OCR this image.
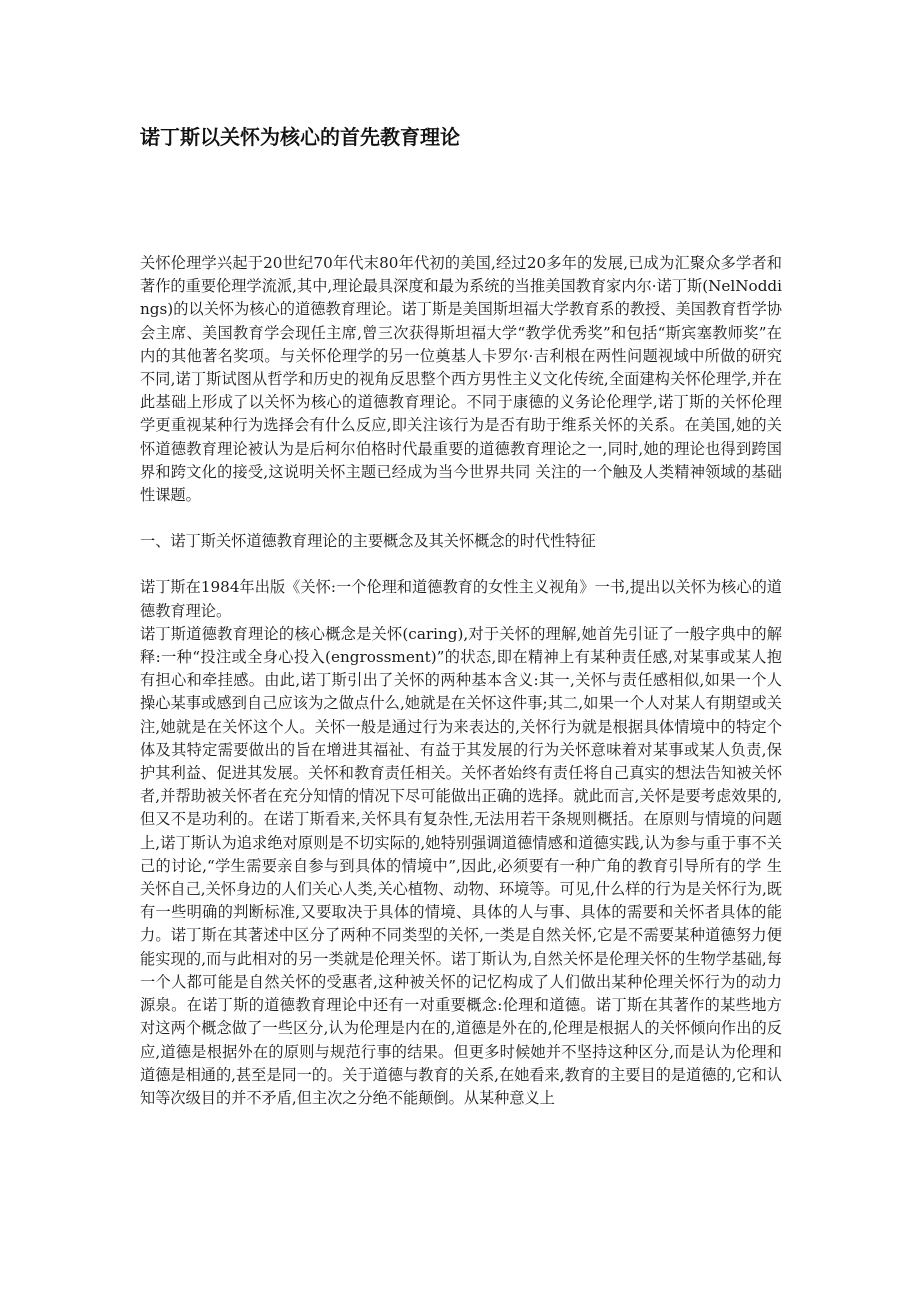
诺丁斯以关怀为核心的首先教育理论

关怀伦理学兴起于20世纪70年代末80年代初的美国,经过20多年的发展,已成为汇聚众多学者和著作的重要伦理学流派,其中,理论最具深度和最为系统的当推美国教育家内尔·诺丁斯(NelNoddings)的以关怀为核心的道德教育理论。诺丁斯是美国斯坦福大学教育系的教授、美国教育哲学协会主席、美国教育学会现任主席,曾三次获得斯坦福大学“教学优秀奖”和包括“斯宾塞教师奖”在内的其他著名奖项。与关怀伦理学的另一位奠基人卡罗尔·吉利根在两性问题视域中所做的研究不同,诺丁斯试图从哲学和历史的视角反思整个西方男性主义文化传统,全面建构关怀伦理学,并在此基础上形成了以关怀为核心的道德教育理论。不同于康德的义务论伦理学,诺丁斯的关怀伦理学更重视某种行为选择会有什么反应,即关注该行为是否有助于维系关怀的关系。在美国,她的关怀道德教育理论被认为是后柯尔伯格时代最重要的道德教育理论之一,同时,她的理论也得到跨国界和跨文化的接受,这说明关怀主题已经成为当今世界共同 关注的一个触及人类精神领域的基础性课题。

一、诺丁斯关怀道德教育理论的主要概念及其关怀概念的时代性特征

诺丁斯在1984年出版《关怀:一个伦理和道德教育的女性主义视角》一书,提出以关怀为核心的道德教育理论。

诺丁斯道德教育理论的核心概念是关怀(caring),对于关怀的理解,她首先引证了一般字典中的解释:一种“投注或全身心投入(engrossment)”的状态,即在精神上有某种责任感,对某事或某人抱有担心和牵挂感。由此,诺丁斯引出了关怀的两种基本含义:其一,关怀与责任感相似,如果一个人操心某事或感到自己应该为之做点什么,她就是在关怀这件事;其二,如果一个人对某人有期望或关注,她就是在关怀这个人。关怀一般是通过行为来表达的,关怀行为就是根据具体情境中的特定个体及其特定需要做出的旨在增进其福祉、有益于其发展的行为关怀意味着对某事或某人负责,保护其利益、促进其发展。关怀和教育责任相关。关怀者始终有责任将自己真实的想法告知被关怀者,并帮助被关怀者在充分知情的情况下尽可能做出正确的选择。就此而言,关怀是要考虑效果的,但又不是功利的。在诺丁斯看来,关怀具有复杂性,无法用若干条规则概括。在原则与情境的问题上,诺丁斯认为追求绝对原则是不切实际的,她特别强调道德情感和道德实践,认为参与重于事不关己的讨论,“学生需要亲自参与到具体的情境中”,因此,必须要有一种广角的教育引导所有的学 生关怀自己,关怀身边的人们关心人类,关心植物、动物、环境等。可见,什么样的行为是关怀行为,既有一些明确的判断标准,又要取决于具体的情境、具体的人与事、具体的需要和关怀者具体的能力。诺丁斯在其著述中区分了两种不同类型的关怀,一类是自然关怀,它是不需要某种道德努力便能实现的,而与此相对的另一类就是伦理关怀。诺丁斯认为,自然关怀是伦理关怀的生物学基础,每一个人都可能是自然关怀的受惠者,这种被关怀的记忆构成了人们做出某种伦理关怀行为的动力源泉。在诺丁斯的道德教育理论中还有一对重要概念:伦理和道德。诺丁斯在其著作的某些地方对这两个概念做了一些区分,认为伦理是内在的,道德是外在的,伦理是根据人的关怀倾向作出的反应,道德是根据外在的原则与规范行事的结果。但更多时候她并不坚持这种区分,而是认为伦理和道德是相通的,甚至是同一的。关于道德与教育的关系,在她看来,教育的主要目的是道德的,它和认知等次级目的并不矛盾,但主次之分绝不能颠倒。从某种意义上
